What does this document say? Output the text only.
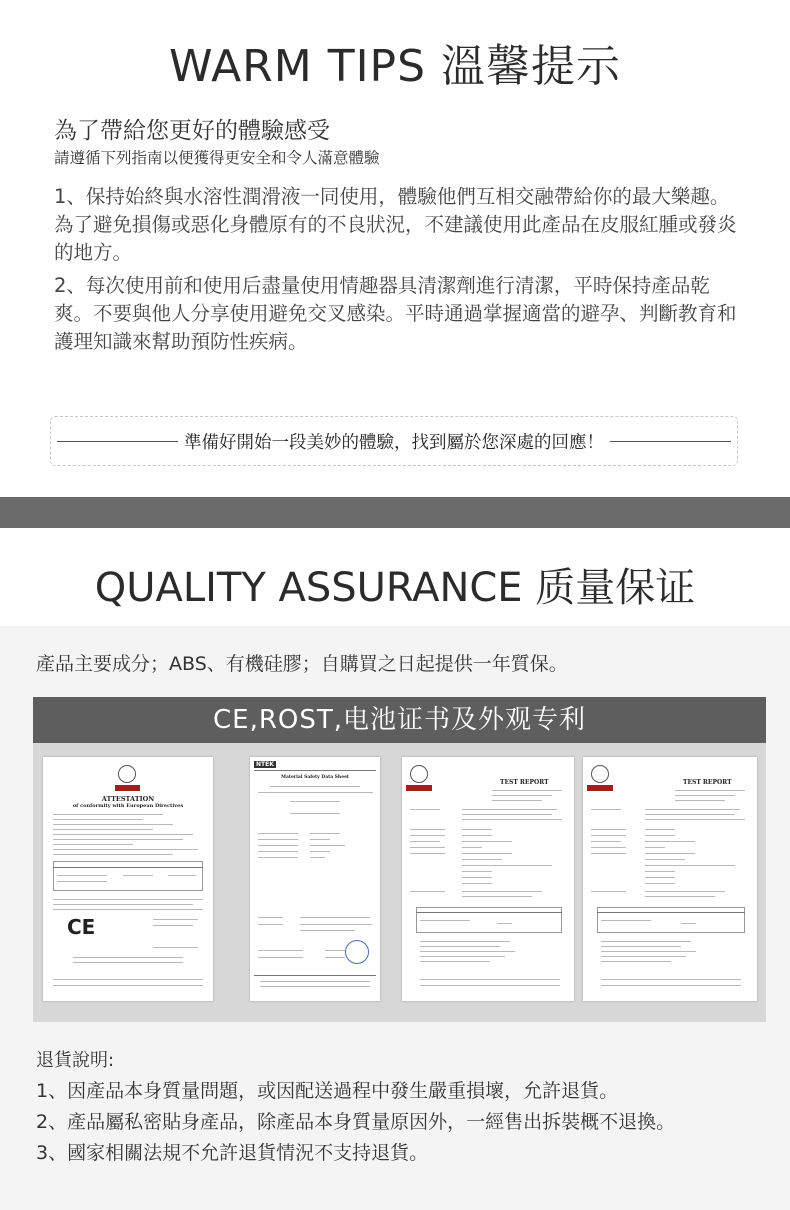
WARM TIPS 溫馨提示
為了帶給您更好的體驗感受
請遵循下列指南以便獲得更安全和令人滿意體驗
1、保持始終與水溶性潤滑液一同使用，體驗他們互相交融帶給你的最大樂趣。為了避免損傷或惡化身體原有的不良狀況，不建議使用此產品在皮服紅腫或發炎的地方。
2、每次使用前和使用后盡量使用情趣器具清潔劑進行清潔，平時保持產品乾爽。不要與他人分享使用避免交叉感染。平時通過掌握適當的避孕、判斷教育和護理知識來幫助預防性疾病。
準備好開始一段美妙的體驗，找到屬於您深處的回應！
QUALITY ASSURANCE 质量保证
產品主要成分；ABS、有機硅膠；自購買之日起提供一年質保。
CE,ROST,电池证书及外观专利
ATTESTATION
of conformity with European Directives
CE
NTEK
Material Safety Data Sheet
TEST REPORT	TEST REPORT
退貨說明:
1、因產品本身質量問題，或因配送過程中發生嚴重損壞，允許退貨。
2、產品屬私密貼身產品，除產品本身質量原因外，一經售出拆裝概不退換。
3、國家相關法規不允許退貨情況不支持退貨。
